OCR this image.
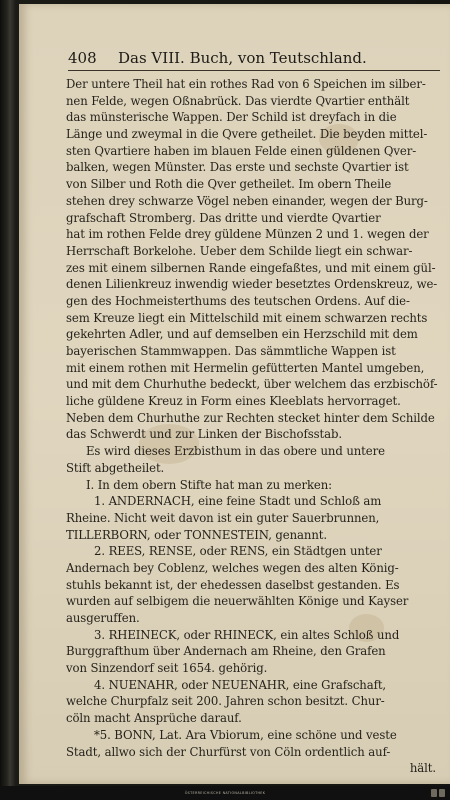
408 Das VIII. Buch, von Teutschland.
Der untere Theil hat ein rothes Rad von 6 Speichen im silber-
nen Felde, wegen Oßnabrück. Das vierdte Qvartier enthält
das münsterische Wappen. Der Schild ist dreyfach in die
Länge und zweymal in die Qvere getheilet. Die beyden mittel-
sten Qvartiere haben im blauen Felde einen güldenen Qver-
balken, wegen Münster. Das erste und sechste Qvartier ist
von Silber und Roth die Qver getheilet. Im obern Theile
stehen drey schwarze Vögel neben einander, wegen der Burg-
grafschaft Stromberg. Das dritte und vierdte Qvartier
hat im rothen Felde drey güldene Münzen 2 und 1. wegen der
Herrschaft Borkelohe. Ueber dem Schilde liegt ein schwar-
zes mit einem silbernen Rande eingefaßtes, und mit einem gül-
denen Lilienkreuz inwendig wieder besetztes Ordenskreuz, we-
gen des Hochmeisterthums des teutschen Ordens. Auf die-
sem Kreuze liegt ein Mittelschild mit einem schwarzen rechts
gekehrten Adler, und auf demselben ein Herzschild mit dem
bayerischen Stammwappen. Das sämmtliche Wappen ist
mit einem rothen mit Hermelin gefütterten Mantel umgeben,
und mit dem Churhuthe bedeckt, über welchem das erzbischöf-
liche güldene Kreuz in Form eines Kleeblats hervorraget.
Neben dem Churhuthe zur Rechten stecket hinter dem Schilde
das Schwerdt und zur Linken der Bischofsstab.
Es wird dieses Erzbisthum in das obere und untere
Stift abgetheilet.
I. In dem obern Stifte hat man zu merken:
1. ANDERNACH, eine feine Stadt und Schloß am
Rheine. Nicht weit davon ist ein guter Sauerbrunnen,
TILLERBORN, oder TONNESTEIN, genannt.
2. REES, RENSE, oder RENS, ein Städtgen unter
Andernach bey Coblenz, welches wegen des alten König-
stuhls bekannt ist, der ehedessen daselbst gestanden. Es
wurden auf selbigem die neuerwählten Könige und Kayser
ausgeruffen.
3. RHEINECK, oder RHINECK, ein altes Schloß und
Burggrafthum über Andernach am Rheine, den Grafen
von Sinzendorf seit 1654. gehörig.
4. NUENAHR, oder NEUENAHR, eine Grafschaft,
welche Churpfalz seit 200. Jahren schon besitzt. Chur-
cöln macht Ansprüche darauf.
*5. BONN, Lat. Ara Vbiorum, eine schöne und veste
Stadt, allwo sich der Churfürst von Cöln ordentlich auf-
hält.
ÖSTERREICHISCHE NATIONALBIBLIOTHEK
